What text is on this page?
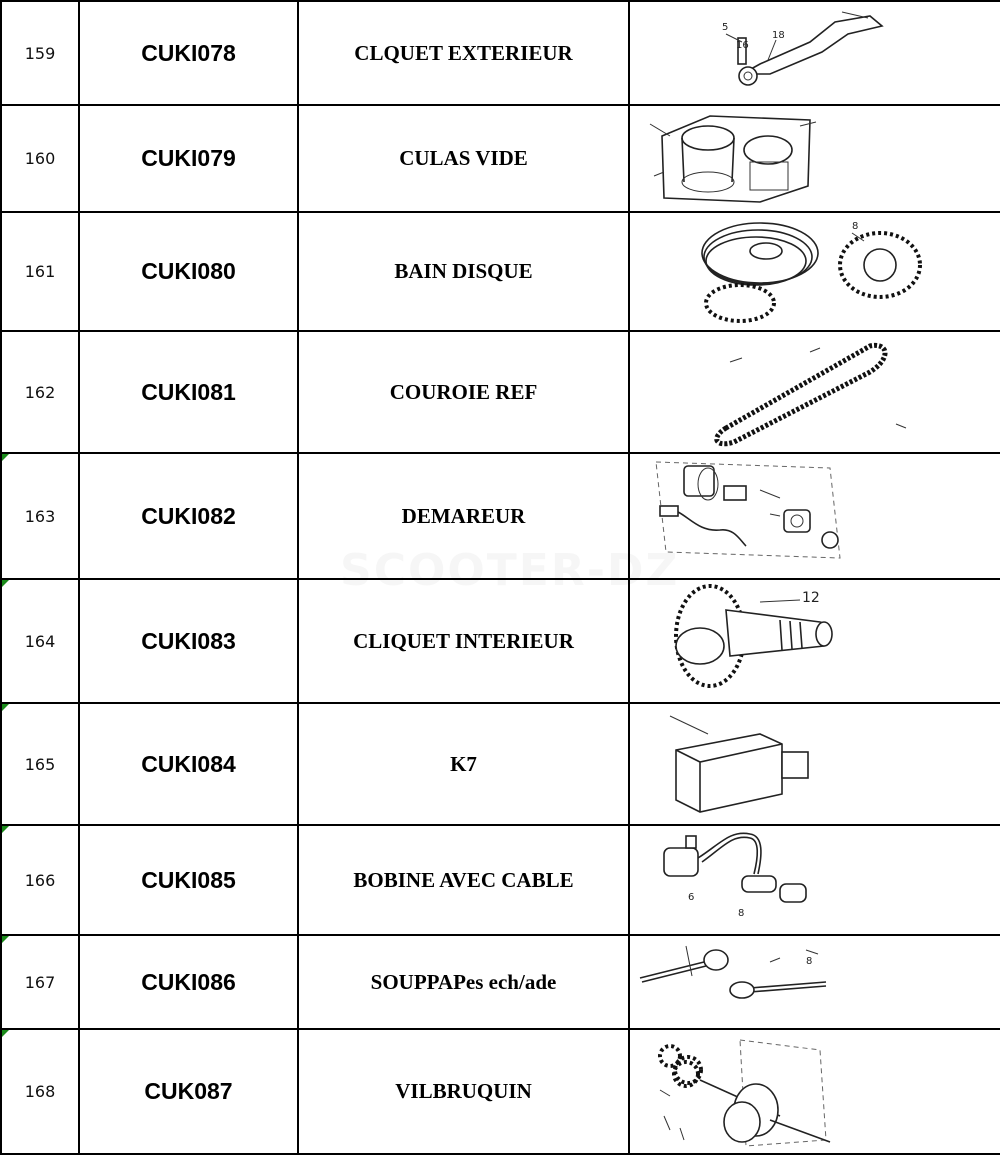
159	CUKI078	CLQUET EXTERIEUR	5
16
18

160	CUKI079	CULAS VIDE	

161	CUKI080	BAIN DISQUE	8

162	CUKI081	COUROIE REF	

163	CUKI082	DEMAREUR	

164	CUKI083	CLIQUET INTERIEUR	12

165	CUKI084	K7	

166	CUKI085	BOBINE AVEC CABLE	6
8

167	CUKI086	SOUPPAPes ech/ade	8

168	CUK087	VILBRUQUIN	
